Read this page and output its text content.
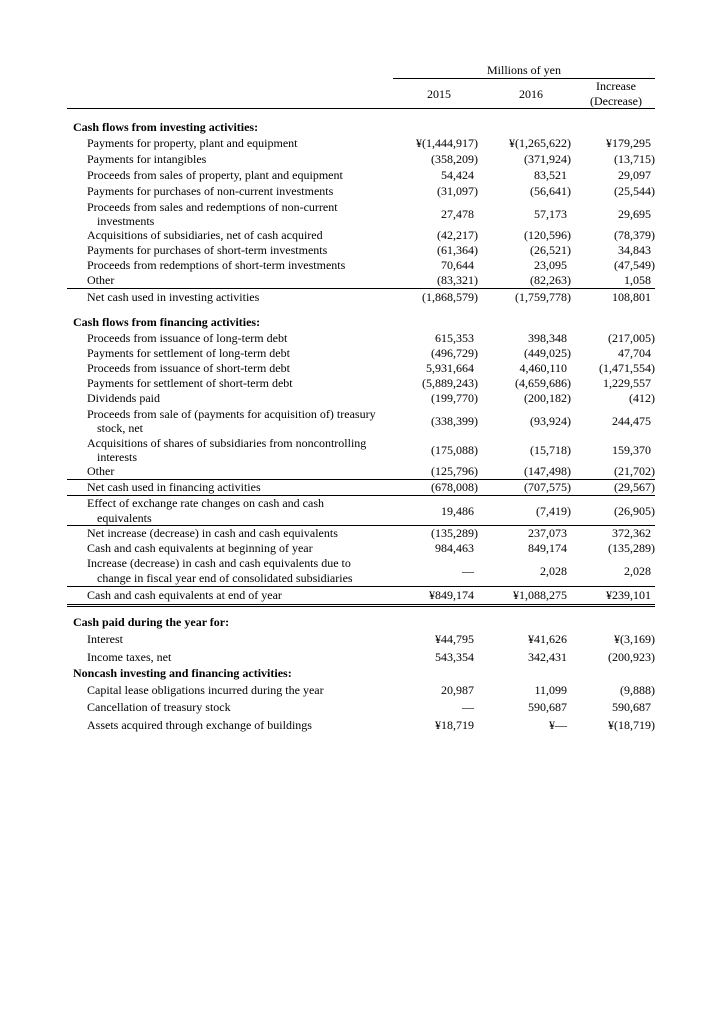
Millions of yen
2015	2016
Increase
(Decrease)
Cash flows from investing activities:
Payments for property, plant and equipment	¥(1,444,917)	¥(1,265,622)	¥179,295
Payments for intangibles	(358,209)	(371,924)	(13,715)
Proceeds from sales of property, plant and equipment	54,424	83,521	29,097
Payments for purchases of non-current investments	(31,097)	(56,641)	(25,544)
Proceeds from sales and redemptions of non-current
investments	27,478	57,173	29,695
Acquisitions of subsidiaries, net of cash acquired	(42,217)	(120,596)	(78,379)
Payments for purchases of short-term investments	(61,364)	(26,521)	34,843
Proceeds from redemptions of short-term investments	70,644	23,095	(47,549)
Other	(83,321)	(82,263)	1,058
Net cash used in investing activities	(1,868,579)	(1,759,778)	108,801
Cash flows from financing activities:
Proceeds from issuance of long-term debt	615,353	398,348	(217,005)
Payments for settlement of long-term debt	(496,729)	(449,025)	47,704
Proceeds from issuance of short-term debt	5,931,664	4,460,110	(1,471,554)
Payments for settlement of short-term debt	(5,889,243)	(4,659,686)	1,229,557
Dividends paid	(199,770)	(200,182)	(412)
Proceeds from sale of (payments for acquisition of) treasury
stock, net	(338,399)	(93,924)	244,475
Acquisitions of shares of subsidiaries from noncontrolling
interests	(175,088)	(15,718)	159,370
Other	(125,796)	(147,498)	(21,702)
Net cash used in financing activities	(678,008)	(707,575)	(29,567)
Effect of exchange rate changes on cash and cash
equivalents
19,486	(7,419)	(26,905)
Net increase (decrease) in cash and cash equivalents	(135,289)	237,073	372,362
Cash and cash equivalents at beginning of year	984,463	849,174	(135,289)
Increase (decrease) in cash and cash equivalents due to
change in fiscal year end of consolidated subsidiaries
—	2,028	2,028
Cash and cash equivalents at end of year	¥849,174	¥1,088,275	¥239,101
Cash paid during the year for:
Interest	¥44,795	¥41,626	¥(3,169)
Income taxes, net	543,354	342,431	(200,923)
Noncash investing and financing activities:
Capital lease obligations incurred during the year	20,987	11,099	(9,888)
Cancellation of treasury stock	—	590,687	590,687
Assets acquired through exchange of buildings	¥18,719	¥—	¥(18,719)
